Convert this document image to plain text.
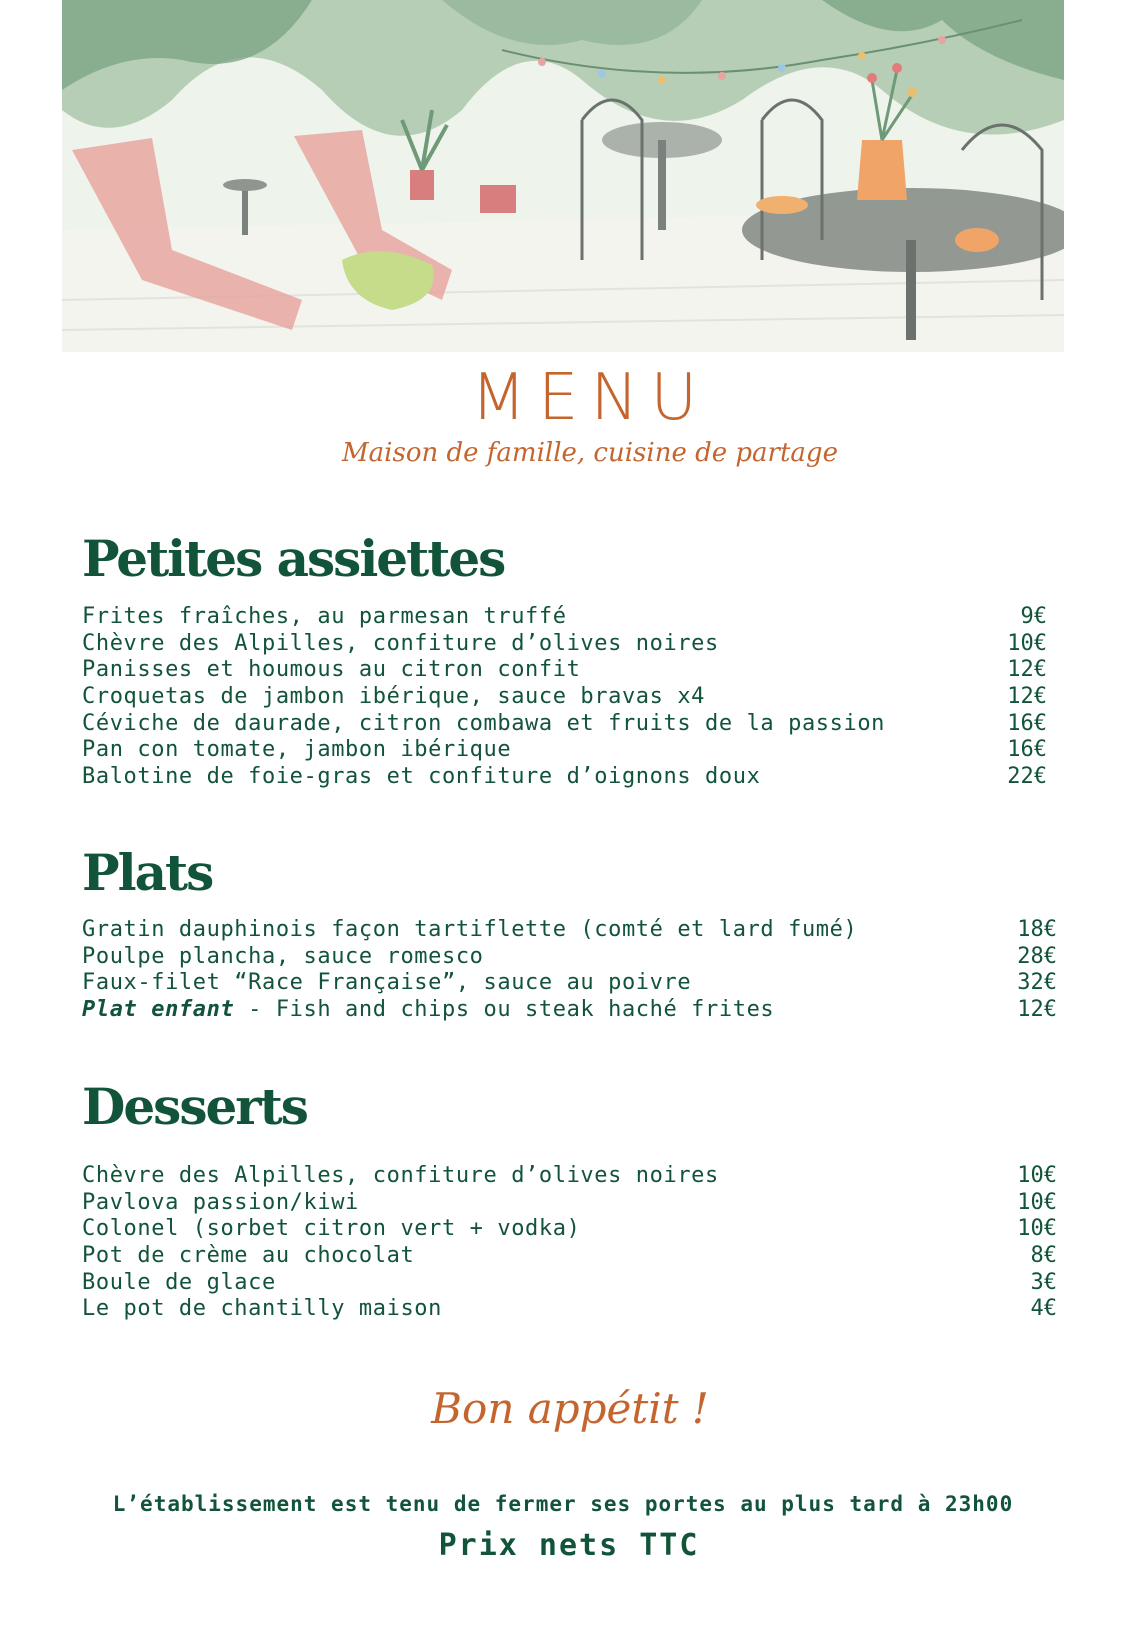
MENU
Maison de famille, cuisine de partage
Petites assiettes
Frites fraîches, au parmesan truffé	9€
Chèvre des Alpilles, confiture d’olives noires	10€
Panisses et houmous au citron confit	12€
Croquetas de jambon ibérique, sauce bravas x4	12€
Céviche de daurade, citron combawa et fruits de la passion	16€
Pan con tomate, jambon ibérique	16€
Balotine de foie-gras et confiture d’oignons doux	22€
Plats
Gratin dauphinois façon tartiflette (comté et lard fumé)	18€
Poulpe plancha, sauce romesco	28€
Faux-filet “Race Française”, sauce au poivre	32€
Plat enfant - Fish and chips ou steak haché frites	12€
Desserts
Chèvre des Alpilles, confiture d’olives noires	10€
Pavlova passion/kiwi	10€
Colonel (sorbet citron vert + vodka)	10€
Pot de crème au chocolat	8€
Boule de glace	3€
Le pot de chantilly maison	4€
Bon appétit !
L’établissement est tenu de fermer ses portes au plus tard à 23h00
Prix nets TTC
